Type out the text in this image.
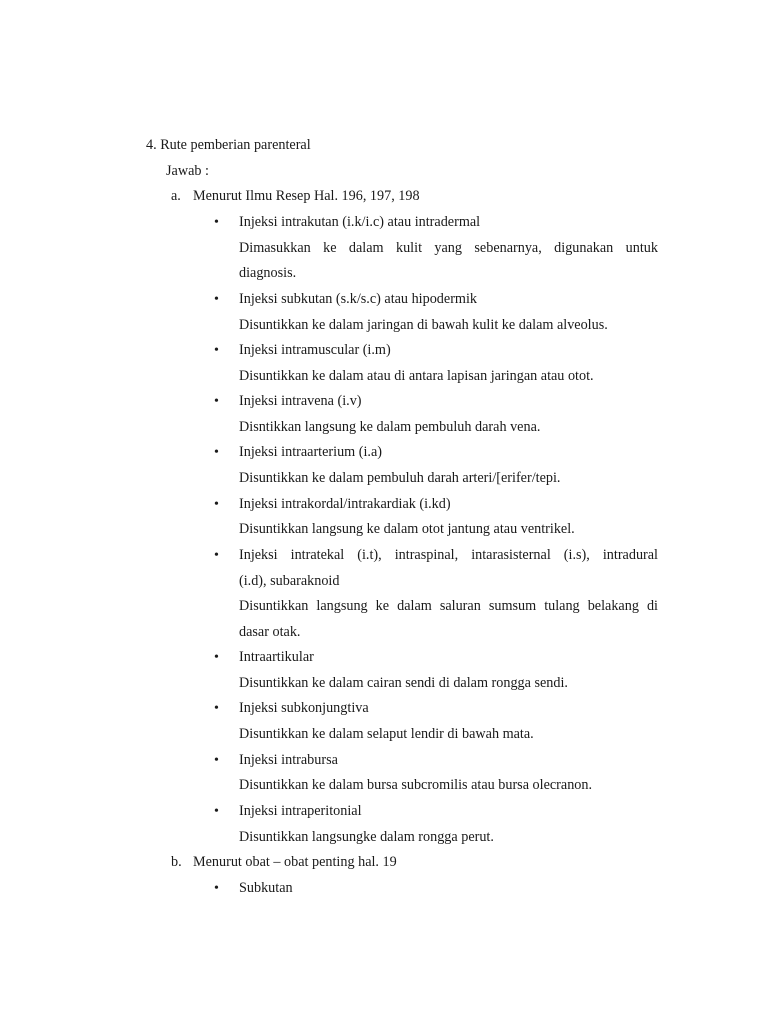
4. Rute pemberian parenteral
Jawab :
a. Menurut Ilmu Resep Hal. 196, 197, 198
• Injeksi intrakutan (i.k/i.c) atau intradermal
Dimasukkan ke dalam kulit yang sebenarnya, digunakan untuk
diagnosis.
• Injeksi subkutan (s.k/s.c) atau hipodermik
Disuntikkan ke dalam jaringan di bawah kulit ke dalam alveolus.
• Injeksi intramuscular (i.m)
Disuntikkan ke dalam atau di antara lapisan jaringan atau otot.
• Injeksi intravena (i.v)
Disntikkan langsung ke dalam pembuluh darah vena.
• Injeksi intraarterium (i.a)
Disuntikkan ke dalam pembuluh darah arteri/[erifer/tepi.
• Injeksi intrakordal/intrakardiak (i.kd)
Disuntikkan langsung ke dalam otot jantung atau ventrikel.
• Injeksi intratekal (i.t), intraspinal, intarasisternal (i.s), intradural
(i.d), subaraknoid
Disuntikkan langsung ke dalam saluran sumsum tulang belakang di
dasar otak.
• Intraartikular
Disuntikkan ke dalam cairan sendi di dalam rongga sendi.
• Injeksi subkonjungtiva
Disuntikkan ke dalam selaput lendir di bawah mata.
• Injeksi intrabursa
Disuntikkan ke dalam bursa subcromilis atau bursa olecranon.
• Injeksi intraperitonial
Disuntikkan langsungke dalam rongga perut.
b. Menurut obat – obat penting hal. 19
• Subkutan
